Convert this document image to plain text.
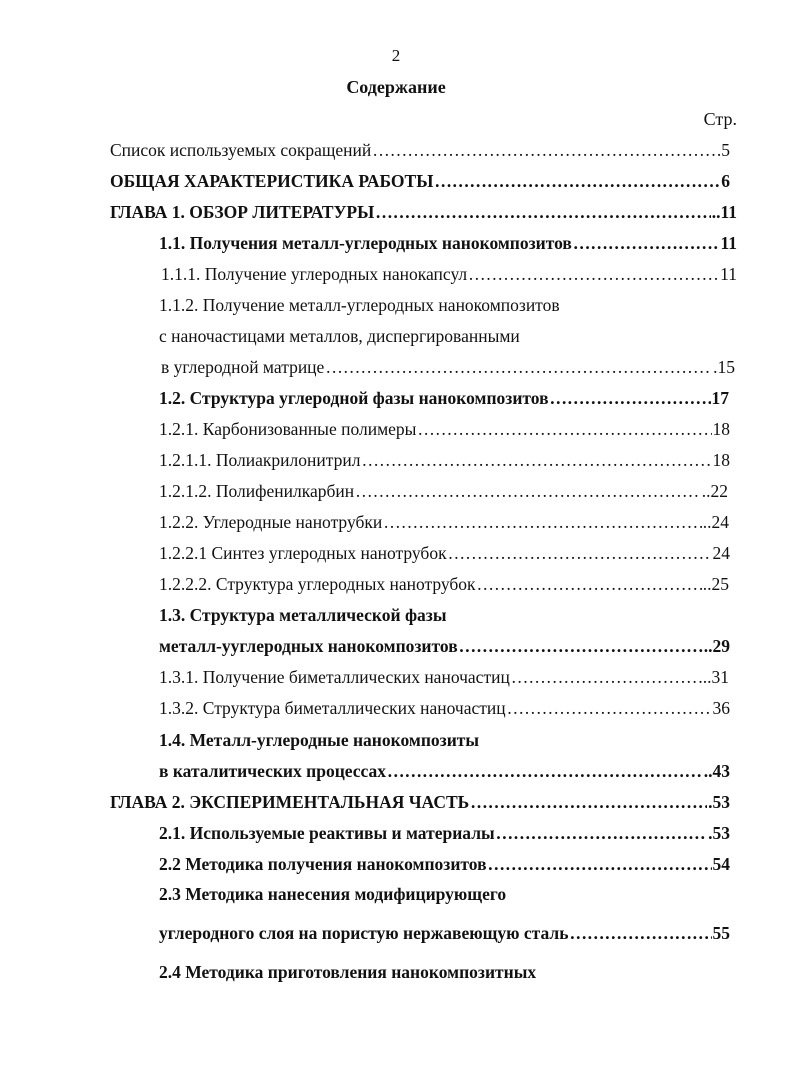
2
Содержание
Стр.
Список используемых сокращений ………………………………………………………………………………………………………………………………………………………………	.5
ОБЩАЯ ХАРАКТЕРИСТИКА РАБОТЫ ………………………………………………………………………………………………………………………………………………………………	6
ГЛАВА 1. ОБЗОР ЛИТЕРАТУРЫ ………………………………………………………………………………………………………………………………………………………………	..11
1.1. Получения металл-углеродных нанокомпозитов ………………………………………………………………………………………………………………………………………………………………	11
1.1.1. Получение углеродных нанокапсул ………………………………………………………………………………………………………………………………………………………………	11
1.1.2. Получение металл-углеродных нанокомпозитов
с наночастицами металлов, диспергированными
в углеродной матрице ………………………………………………………………………………………………………………………………………………………………	.15
1.2. Структура углеродной фазы нанокомпозитов ………………………………………………………………………………………………………………………………………………………………	17
1.2.1. Карбонизованные полимеры ………………………………………………………………………………………………………………………………………………………………	18
1.2.1.1. Полиакрилонитрил ………………………………………………………………………………………………………………………………………………………………	18
1.2.1.2. Полифенилкарбин ………………………………………………………………………………………………………………………………………………………………	..22
1.2.2. Углеродные нанотрубки ………………………………………………………………………………………………………………………………………………………………	..24
1.2.2.1 Синтез углеродных нанотрубок ………………………………………………………………………………………………………………………………………………………………	24
1.2.2.2. Структура углеродных нанотрубок ………………………………………………………………………………………………………………………………………………………………	..25
1.3. Структура металлической фазы
металл-ууглеродных нанокомпозитов ………………………………………………………………………………………………………………………………………………………………	..29
1.3.1. Получение биметаллических наночастиц ………………………………………………………………………………………………………………………………………………………………	..31
1.3.2. Структура биметаллических наночастиц ………………………………………………………………………………………………………………………………………………………………	36
1.4. Металл-углеродные нанокомпозиты
в каталитических процессах ………………………………………………………………………………………………………………………………………………………………	..43
ГЛАВА 2. ЭКСПЕРИМЕНТАЛЬНАЯ ЧАСТЬ ………………………………………………………………………………………………………………………………………………………………	.53
2.1. Используемые реактивы и материалы ………………………………………………………………………………………………………………………………………………………………	.53
2.2 Методика получения нанокомпозитов ………………………………………………………………………………………………………………………………………………………………	54
2.3 Методика нанесения модифицирующего
углеродного слоя на пористую нержавеющую сталь ………………………………………………………………………………………………………………………………………………………………	55
2.4 Методика приготовления нанокомпозитных
